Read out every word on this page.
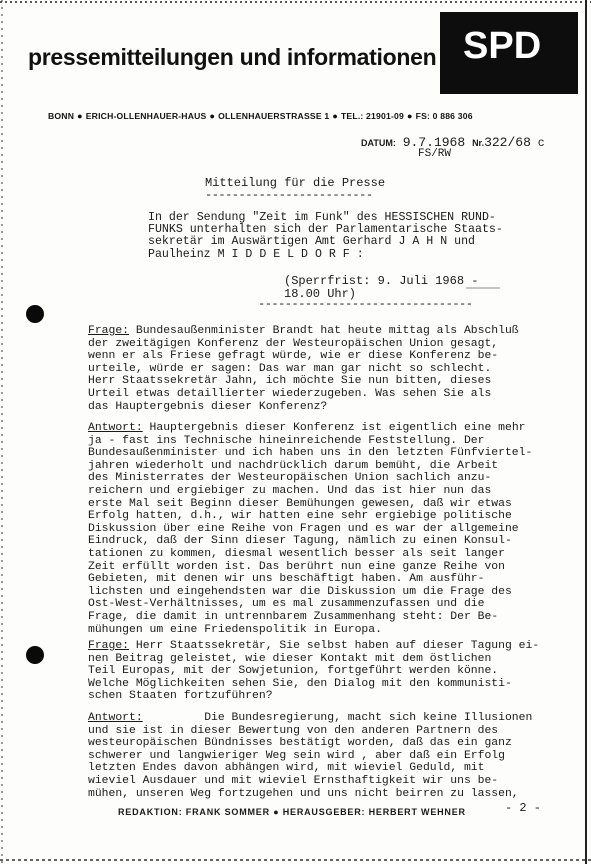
pressemitteilungen und informationen SPD
BONN ● ERICH-OLLENHAUER-HAUS ● OLLENHAUERSTRASSE 1 ● TEL.: 21901-09 ● FS: 0 886 306
DATUM: 9.7.1968 Nr.322/68 c
FS/RW
Mitteilung für die Presse
-------------------------
In der Sendung "Zeit im Funk" des HESSISCHEN RUND-
FUNKS unterhalten sich der Parlamentarische Staats-
sekretär im Auswärtigen Amt Gerhard J A H N und
Paulheinz M I D D E L D O R F :
(Sperrfrist: 9. Juli 1968 -
18.00 Uhr)
--------------------------------
Frage: Bundesaußenminister Brandt hat heute mittag als Abschluß
der zweitägigen Konferenz der Westeuropäischen Union gesagt,
wenn er als Friese gefragt würde, wie er diese Konferenz be-
urteile, würde er sagen: Das war man gar nicht so schlecht.
Herr Staatssekretär Jahn, ich möchte Sie nun bitten, dieses
Urteil etwas detaillierter wiederzugeben. Was sehen Sie als
das Hauptergebnis dieser Konferenz?
Antwort: Hauptergebnis dieser Konferenz ist eigentlich eine mehr
ja - fast ins Technische hineinreichende Feststellung. Der
Bundesaußenminister und ich haben uns in den letzten Fünfviertel-
jahren wiederholt und nachdrücklich darum bemüht, die Arbeit
des Ministerrates der Westeuropäischen Union sachlich anzu-
reichern und ergiebiger zu machen. Und das ist hier nun das
erste Mal seit Beginn dieser Bemühungen gewesen, daß wir etwas
Erfolg hatten, d.h., wir hatten eine sehr ergiebige politische
Diskussion über eine Reihe von Fragen und es war der allgemeine
Eindruck, daß der Sinn dieser Tagung, nämlich zu einen Konsul-
tationen zu kommen, diesmal wesentlich besser als seit langer
Zeit erfüllt worden ist. Das berührt nun eine ganze Reihe von
Gebieten, mit denen wir uns beschäftigt haben. Am ausführ-
lichsten und eingehendsten war die Diskussion um die Frage des
Ost-West-Verhältnisses, um es mal zusammenzufassen und die
Frage, die damit in untrennbarem Zusammenhang steht: Der Be-
mühungen um eine Friedenspolitik in Europa.
Frage: Herr Staatssekretär, Sie selbst haben auf dieser Tagung ei-
nen Beitrag geleistet, wie dieser Kontakt mit dem östlichen
Teil Europas, mit der Sowjetunion, fortgeführt werden könne.
Welche Möglichkeiten sehen Sie, den Dialog mit den kommunisti-
schen Staaten fortzuführen?
Antwort:         Die Bundesregierung, macht sich keine Illusionen
und sie ist in dieser Bewertung von den anderen Partnern des
westeuropäischen Bündnisses bestätigt worden, daß das ein ganz
schwerer und langwieriger Weg sein wird , aber daß ein Erfolg
letzten Endes davon abhängen wird, mit wieviel Geduld, mit
wieviel Ausdauer und mit wieviel Ernsthaftigkeit wir uns be-
mühen, unseren Weg fortzugehen und uns nicht beirren zu lassen,
- 2 -
REDAKTION: FRANK SOMMER ● HERAUSGEBER: HERBERT WEHNER
